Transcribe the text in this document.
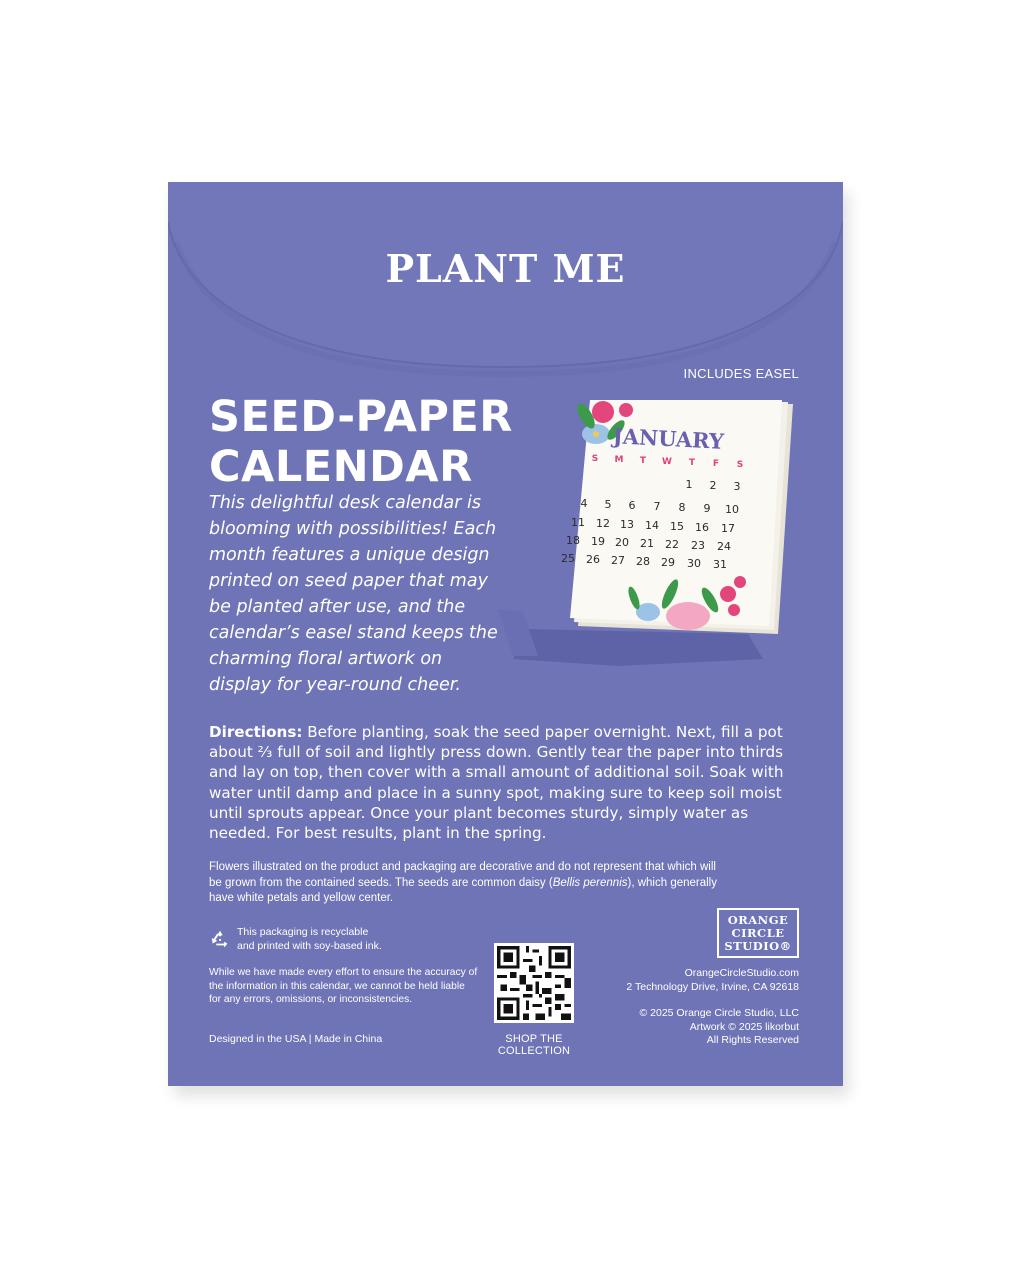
PLANT ME
INCLUDES EASEL
SEED-PAPER
CALENDAR
This delightful desk calendar is blooming with possibilities! Each month features a unique design printed on seed paper that may be planted after use, and the calendar’s easel stand keeps the charming floral artwork on display for year-round cheer.
JANUARY
S M T W T F S
1 2 3
4 5 6 7 8 9 10
11 12 13 14 15 16 17
18 19 20 21 22 23 24
25 26 27 28 29 30 31
Directions: Before planting, soak the seed paper overnight. Next, fill a pot about ⅔ full of soil and lightly press down. Gently tear the paper into thirds and lay on top, then cover with a small amount of additional soil. Soak with water until damp and place in a sunny spot, making sure to keep soil moist until sprouts appear. Once your plant becomes sturdy, simply water as needed. For best results, plant in the spring.
Flowers illustrated on the product and packaging are decorative and do not represent that which will be grown from the contained seeds. The seeds are common daisy (Bellis perennis), which generally have white petals and yellow center.
This packaging is recyclable
and printed with soy-based ink.
While we have made every effort to ensure the accuracy of the information in this calendar, we cannot be held liable for any errors, omissions, or inconsistencies.
Designed in the USA | Made in China	SHOP THE COLLECTION
ORANGE
CIRCLE
STUDIO®
OrangeCircleStudio.com
2 Technology Drive, Irvine, CA 92618
© 2025 Orange Circle Studio, LLC
Artwork © 2025 likorbut
All Rights Reserved
